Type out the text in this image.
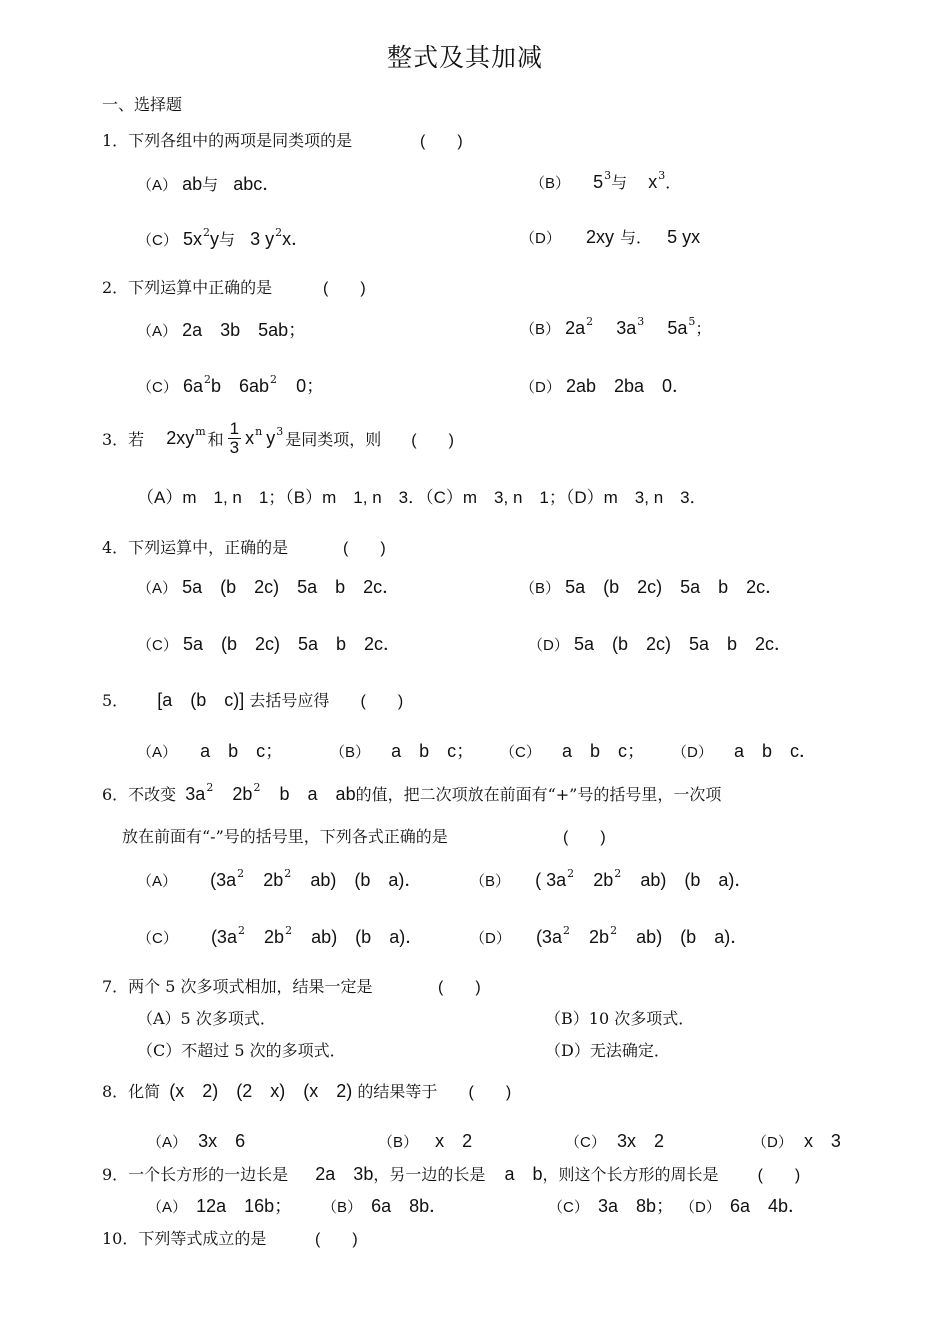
整式及其加减
一、选择题
1．下列各组中的两项是同类项的是	(　　)
（A） ab与 abc．	（B） $5^3$与 $x^3$．
（C） $5x^2y$与 3 $y^2x$．	（D） 2xy 与． 5 yx
2．下列运算中正确的是	(　　)
（A） 2a　3b　5ab；	（B） $2a^2$ $3a^3$ $5a^5$；
（C） $6a^2b$　$6ab^2$ 0；	（D） 2ab　2ba　0．
3．若 $2xy^m$ 和 $\frac{1}{3} x^n$ $y^3$ 是同类项，则 (　　)
（A）m　1, n　1；（B）m　1, n　3．（C）m　3, n　1；（D）m　3, n　3．
4．下列运算中，正确的是	(　　)
（A） 5a　(b　2c)　5a　b　2c．	（B） 5a　(b　2c)　5a　b　2c．
（C） 5a　(b　2c)　5a　b　2c．	（D） 5a　(b　2c)　5a　b　2c．
5． [a　(b　c)] 去括号应得 (　　)
（A） a　b　c；	（B） a　b　c； （C） a　b　c； （D） a　b　c．
6．不改变 $3a^2$ $2b^2$ b　a　ab的值，把二次项放在前面有“+”号的括号里，一次项
放在前面有“-”号的括号里，下列各式正确的是	(　　)
（A） ($3a^2$ $2b^2$ ab)　(b　a)．	（B） ( $3a^2$ $2b^2$ ab)　(b　a)．
（C） ($3a^2$ $2b^2$ ab)　(b　a)．	（D） ($3a^2$ $2b^2$ ab)　(b　a)．
7．两个 5 次多项式相加，结果一定是	(　　)
（A）5 次多项式．	（B）10 次多项式．
（C）不超过 5 次的多项式．	（D）无法确定．
8．化简 (x　2)　(2　x)　(x　2) 的结果等于 (　　)
（A） 3x　6	（B） x　2	（C） 3x　2	（D） x　3
9．一个长方形的一边长是 2a　3b，另一边的长是 a　b，则这个长方形的周长是 (　　)
（A） 12a　16b； （B） 6a　8b．	（C） 3a　8b； （D） 6a　4b．
10．下列等式成立的是	(　　)
